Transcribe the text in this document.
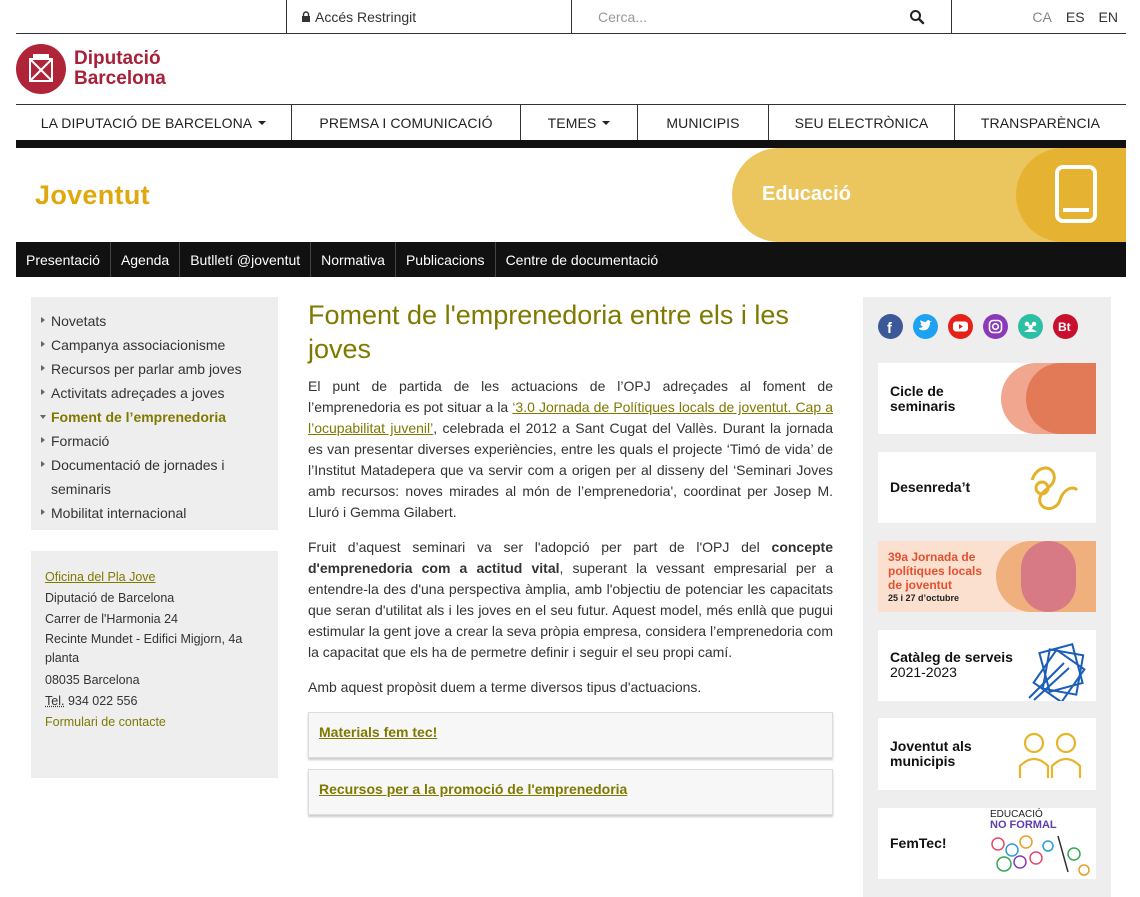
Accés Restringit
Cerca...	CA ES EN
Diputació
Barcelona
LA DIPUTACIÓ DE BARCELONA	PREMSA I COMUNICACIÓ	TEMES	MUNICIPIS	SEU ELECTRÒNICA	TRANSPARÈNCIA
Joventut	Educació
Presentació	Agenda	Butlletí @joventut	Normativa	Publicacions	Centre de documentació
Novetats
Campanya associacionisme
Recursos per parlar amb joves
Activitats adreçades a joves
Foment de l’emprenedoria
Formació
Documentació de jornades i seminaris
Mobilitat internacional
Oficina del Pla Jove
Diputació de Barcelona
Carrer de l'Harmonia 24
Recinte Mundet - Edifici Migjorn, 4a planta
08035 Barcelona
Tel. 934 022 556
Formulari de contacte
Foment de l'emprenedoria entre els i les joves

El punt de partida de les actuacions de l’OPJ adreçades al foment de l’emprenedoria es pot situar a la ‘3.0 Jornada de Polítiques locals de joventut. Cap a l’ocupabilitat juvenil’, celebrada el 2012 a Sant Cugat del Vallès. Durant la jornada es van presentar diverses experiències, entre les quals el projecte ‘Timó de vida’ de l’Institut Matadepera que va servir com a origen per al disseny del ‘Seminari Joves amb recursos: noves mirades al món de l’emprenedoria', coordinat per Josep M. Lluró i Gemma Gilabert.

Fruit d’aquest seminari va ser l'adopció per part de l'OPJ del concepte d'emprenedoria com a actitud vital, superant la vessant empresarial per a entendre-la des d'una perspectiva àmplia, amb l'objectiu de potenciar les capacitats que seran d'utilitat als i les joves en el seu futur. Aquest model, més enllà que pugui estimular la gent jove a crear la seva pròpia empresa, considera l’emprenedoria com la capacitat que els ha de permetre definir i seguir el seu propi camí.

Amb aquest propòsit duem a terme diversos tipus d'actuacions.

Materials fem tec!
Recursos per a la promoció de l'emprenedoria
f	Bt
Cicle de
seminaris
Desenreda’t
39a Jornada de
polítiques locals
de joventut
25 i 27 d’octubre
Catàleg de serveis
2021-2023
Joventut als
municipis
EDUCACIÓ
NO FORMAL
FemTec!
